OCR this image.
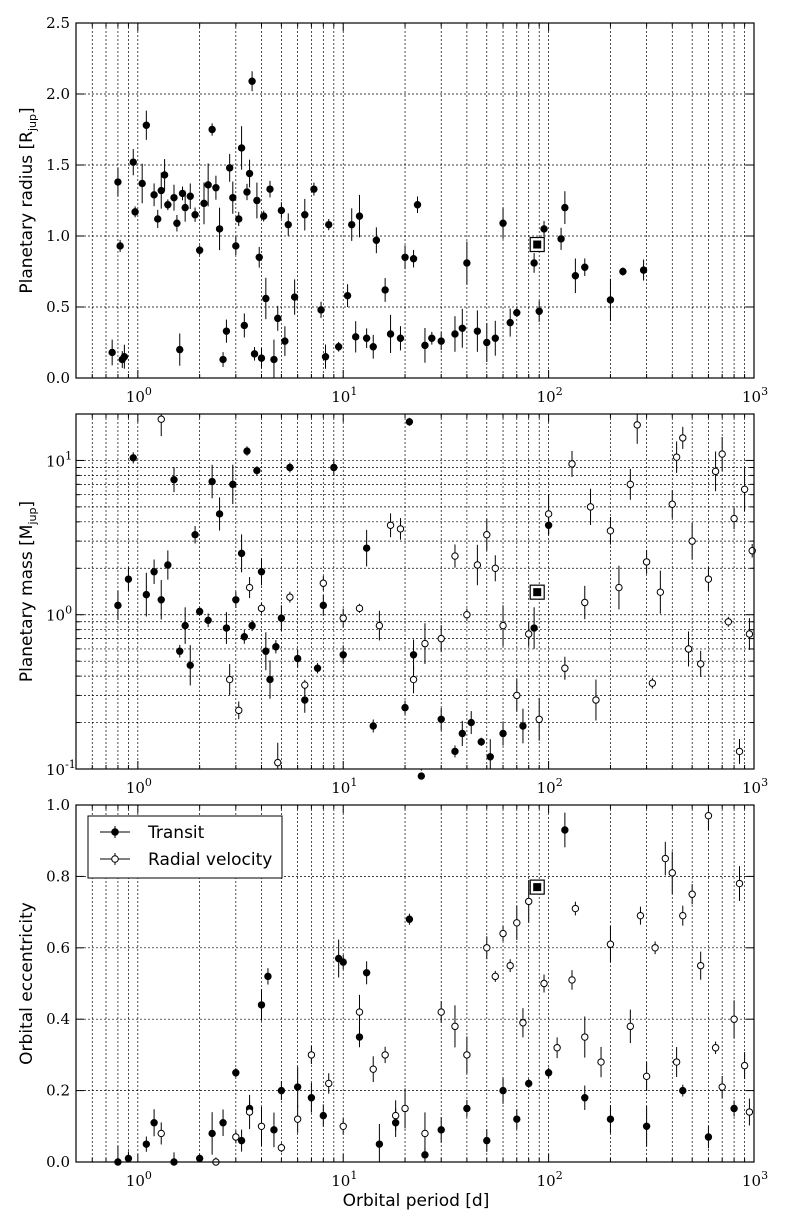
0.0
0.5
1.0
1.5
2.0
2.5
$10^0$	$10^1$	$10^2$	$10^3$
Planetary radius $[R_{jup}]$
$10^{-1}$
$10^0$
$10^1$
$10^0$	$10^1$	$10^2$	$10^3$
Planetary mass $[M_{jup}]$
0.0
0.2
0.4
0.6
0.8
1.0
$10^0$	$10^1$	$10^2$	$10^3$
Orbital eccentricity
Transit
Radial velocity
Orbital period [d]
